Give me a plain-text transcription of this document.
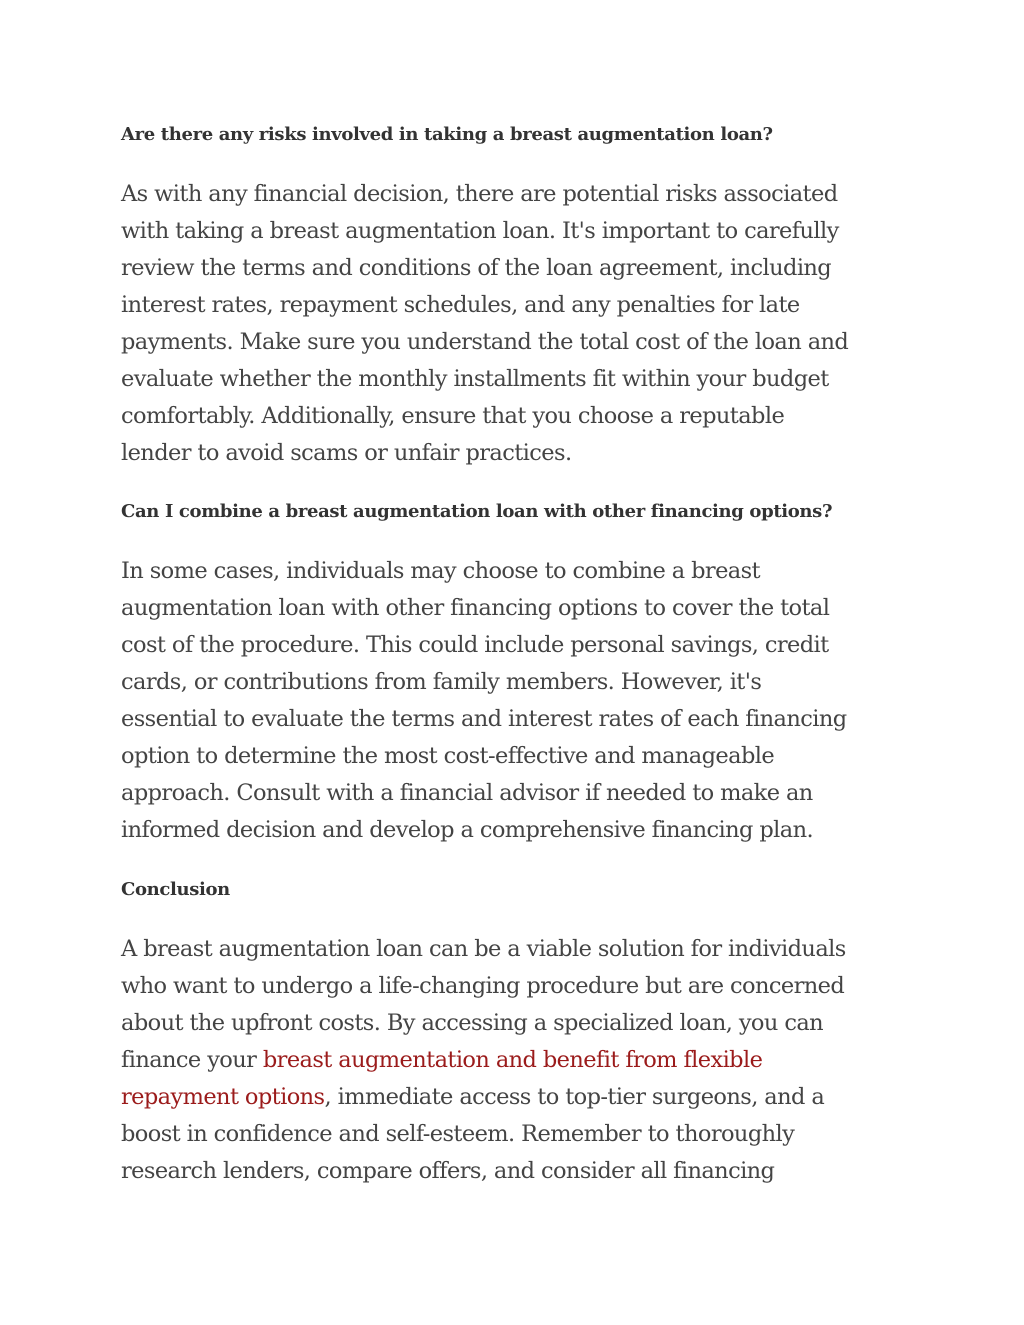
Are there any risks involved in taking a breast augmentation loan?

As with any financial decision, there are potential risks associated
with taking a breast augmentation loan. It's important to carefully
review the terms and conditions of the loan agreement, including
interest rates, repayment schedules, and any penalties for late
payments. Make sure you understand the total cost of the loan and
evaluate whether the monthly installments fit within your budget
comfortably. Additionally, ensure that you choose a reputable
lender to avoid scams or unfair practices.

Can I combine a breast augmentation loan with other financing options?

In some cases, individuals may choose to combine a breast
augmentation loan with other financing options to cover the total
cost of the procedure. This could include personal savings, credit
cards, or contributions from family members. However, it's
essential to evaluate the terms and interest rates of each financing
option to determine the most cost-effective and manageable
approach. Consult with a financial advisor if needed to make an
informed decision and develop a comprehensive financing plan.

Conclusion

A breast augmentation loan can be a viable solution for individuals
who want to undergo a life-changing procedure but are concerned
about the upfront costs. By accessing a specialized loan, you can
finance your breast augmentation and benefit from flexible
repayment options, immediate access to top-tier surgeons, and a
boost in confidence and self-esteem. Remember to thoroughly
research lenders, compare offers, and consider all financing
